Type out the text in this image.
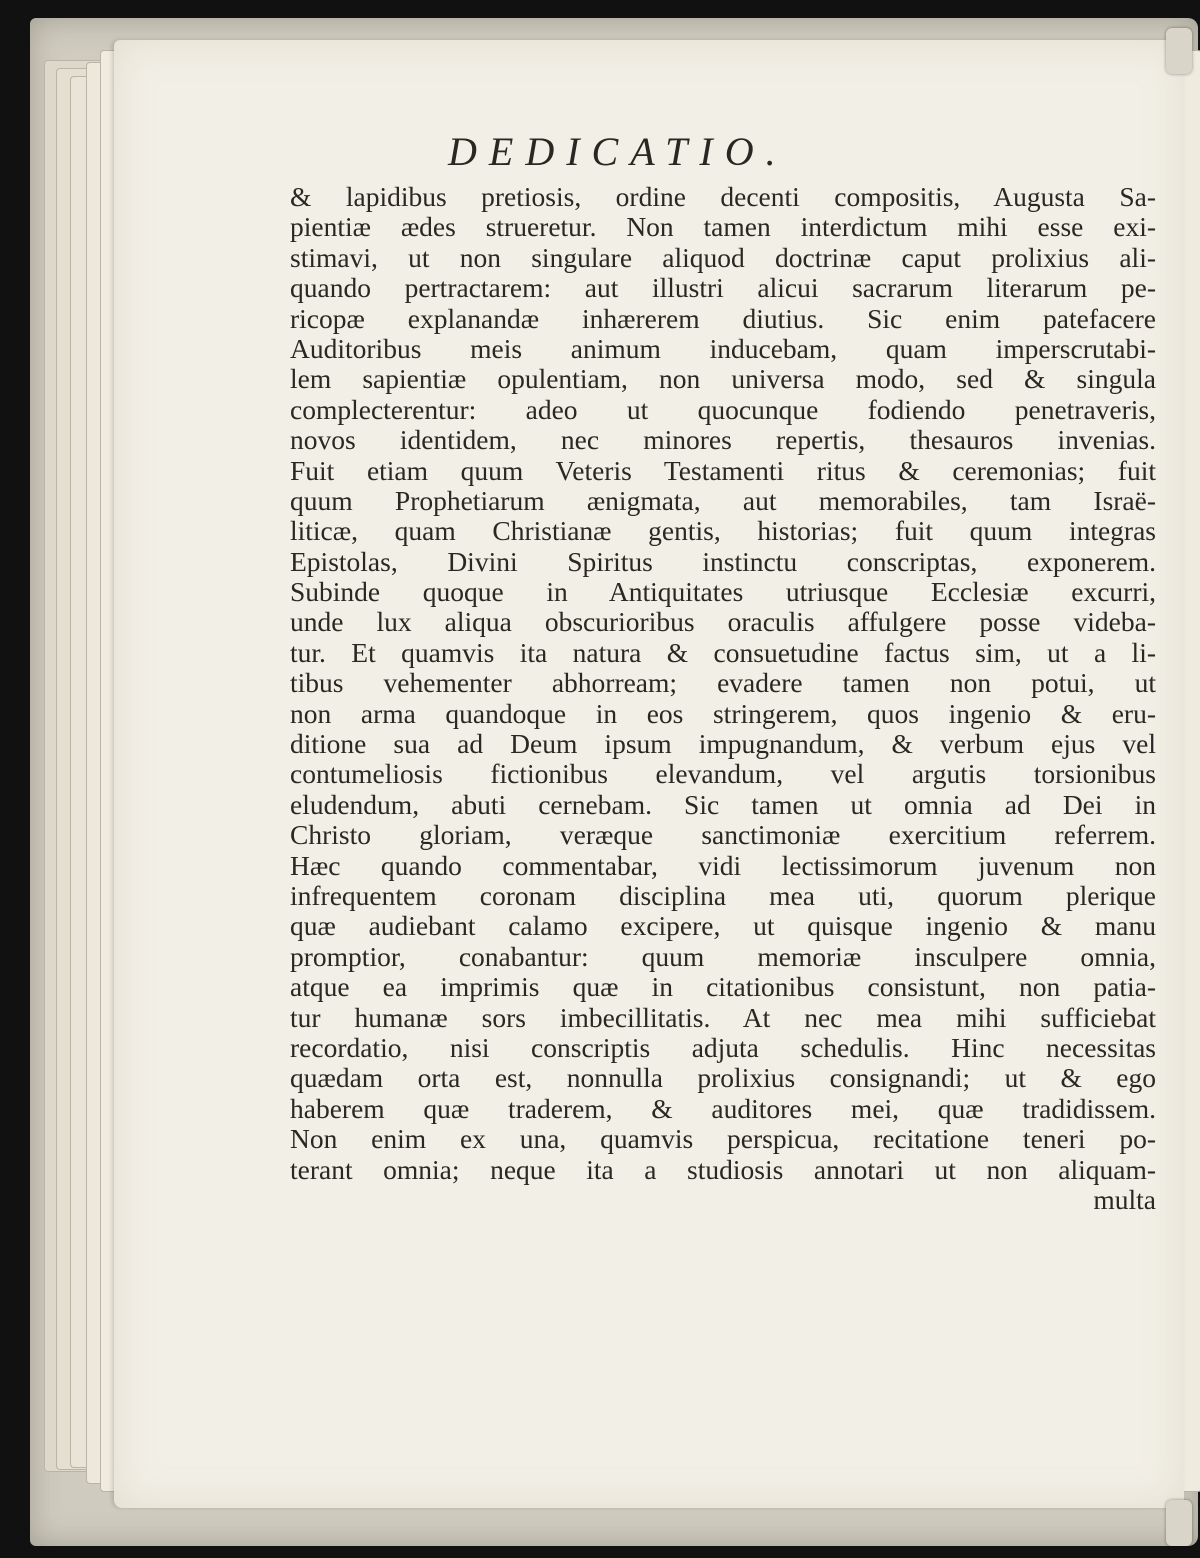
DEDICATIO.
& lapidibus pretiosis, ordine decenti compositis, Augusta Sa-
pientiæ ædes strueretur. Non tamen interdictum mihi esse exi-
stimavi, ut non singulare aliquod doctrinæ caput prolixius ali-
quando pertractarem: aut illustri alicui sacrarum literarum pe-
ricopæ explanandæ inhærerem diutius. Sic enim patefacere
Auditoribus meis animum inducebam, quam imperscrutabi-
lem sapientiæ opulentiam, non universa modo, sed & singula
complecterentur: adeo ut quocunque fodiendo penetraveris,
novos identidem, nec minores repertis, thesauros invenias.
Fuit etiam quum Veteris Testamenti ritus & ceremonias; fuit
quum Prophetiarum ænigmata, aut memorabiles, tam Israë-
liticæ, quam Christianæ gentis, historias; fuit quum integras
Epistolas, Divini Spiritus instinctu conscriptas, exponerem.
Subinde quoque in Antiquitates utriusque Ecclesiæ excurri,
unde lux aliqua obscurioribus oraculis affulgere posse videba-
tur. Et quamvis ita natura & consuetudine factus sim, ut a li-
tibus vehementer abhorream; evadere tamen non potui, ut
non arma quandoque in eos stringerem, quos ingenio & eru-
ditione sua ad Deum ipsum impugnandum, & verbum ejus vel
contumeliosis fictionibus elevandum, vel argutis torsionibus
eludendum, abuti cernebam. Sic tamen ut omnia ad Dei in
Christo gloriam, veræque sanctimoniæ exercitium referrem.
Hæc quando commentabar, vidi lectissimorum juvenum non
infrequentem coronam disciplina mea uti, quorum plerique
quæ audiebant calamo excipere, ut quisque ingenio & manu
promptior, conabantur: quum memoriæ insculpere omnia,
atque ea imprimis quæ in citationibus consistunt, non patia-
tur humanæ sors imbecillitatis. At nec mea mihi sufficiebat
recordatio, nisi conscriptis adjuta schedulis. Hinc necessitas
quædam orta est, nonnulla prolixius consignandi; ut & ego
haberem quæ traderem, & auditores mei, quæ tradidissem.
Non enim ex una, quamvis perspicua, recitatione teneri po-
terant omnia; neque ita a studiosis annotari ut non aliquam-
multa
